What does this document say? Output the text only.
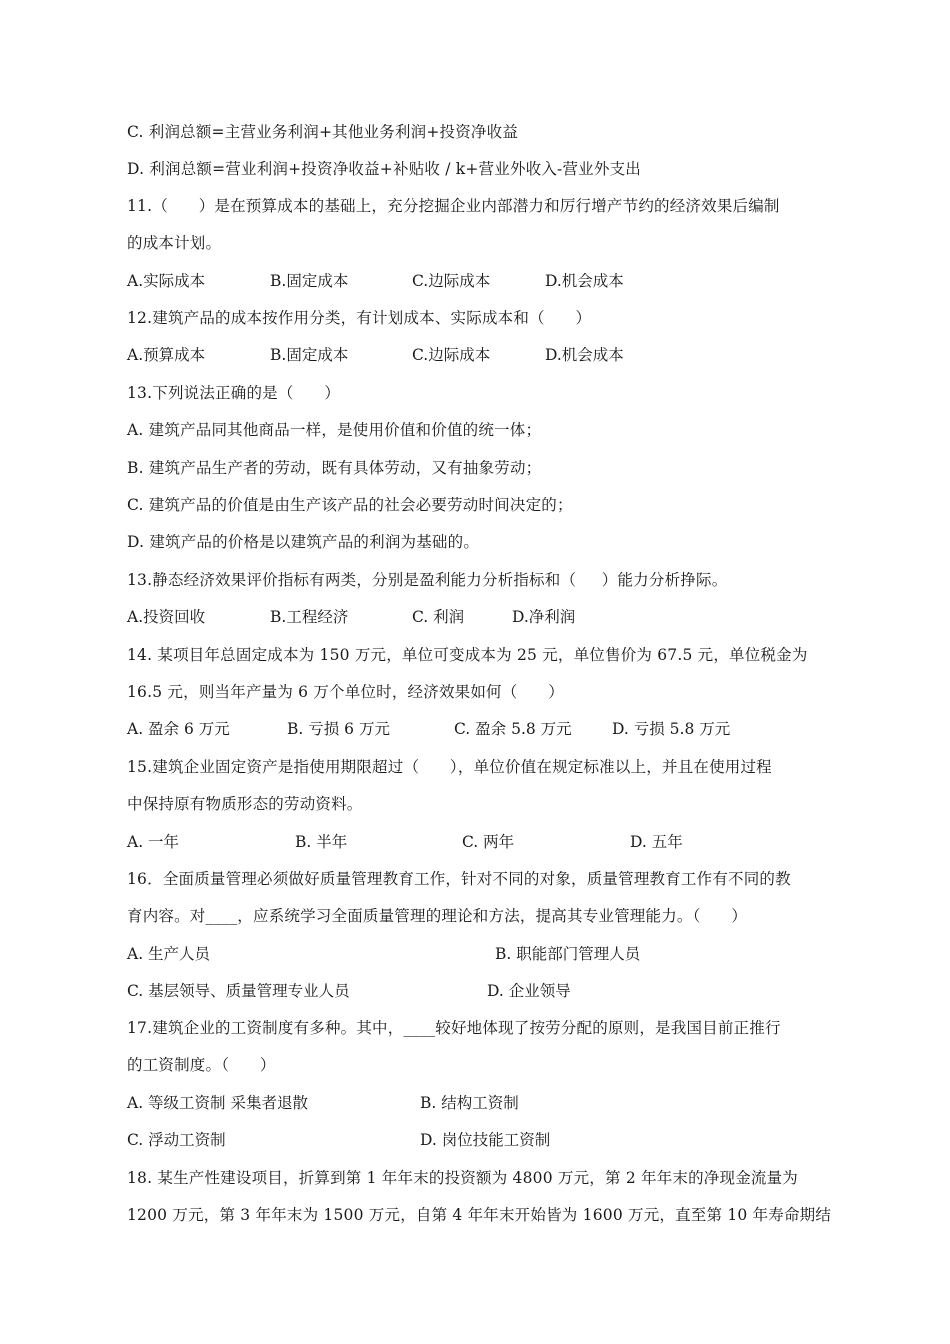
C. 利润总额=主营业务利润+其他业务利润+投资净收益
D. 利润总额=营业利润+投资净收益+补贴收 / k+营业外收入-营业外支出
11.（      ）是在预算成本的基础上，充分挖掘企业内部潜力和厉行增产节约的经济效果后编制
的成本计划。
A.实际成本	B.固定成本	C.边际成本	D.机会成本
12.建筑产品的成本按作用分类，有计划成本、实际成本和（      ）
A.预算成本	B.固定成本	C.边际成本	D.机会成本
13.下列说法正确的是（      ）
A. 建筑产品同其他商品一样，是使用价值和价值的统一体；
B. 建筑产品生产者的劳动，既有具体劳动，又有抽象劳动；
C. 建筑产品的价值是由生产该产品的社会必要劳动时间决定的；
D. 建筑产品的价格是以建筑产品的利润为基础的。
13.静态经济效果评价指标有两类，分别是盈利能力分析指标和（     ）能力分析挣际。
A.投资回收	B.工程经济	C. 利润	D.净利润
14. 某项目年总固定成本为 150 万元，单位可变成本为 25 元，单位售价为 67.5 元，单位税金为
16.5 元，则当年产量为 6 万个单位时，经济效果如何（      ）
A. 盈余 6 万元	B. 亏损 6 万元	C. 盈余 5.8 万元	D. 亏损 5.8 万元
15.建筑企业固定资产是指使用期限超过（      ），单位价值在规定标准以上，并且在使用过程
中保持原有物质形态的劳动资料。
A. 一年	B. 半年	C. 两年	D. 五年
16．全面质量管理必须做好质量管理教育工作，针对不同的对象，质量管理教育工作有不同的教
育内容。对____，应系统学习全面质量管理的理论和方法，提高其专业管理能力。（      ）
A. 生产人员	B. 职能部门管理人员
C. 基层领导、质量管理专业人员	D. 企业领导
17.建筑企业的工资制度有多种。其中，____较好地体现了按劳分配的原则，是我国目前正推行
的工资制度。（      ）
A. 等级工资制 采集者退散	B. 结构工资制
C. 浮动工资制	D. 岗位技能工资制
18. 某生产性建设项目，折算到第 1 年年末的投资额为 4800 万元，第 2 年年末的净现金流量为
1200 万元，第 3 年年末为 1500 万元，自第 4 年年末开始皆为 1600 万元，直至第 10 年寿命期结
